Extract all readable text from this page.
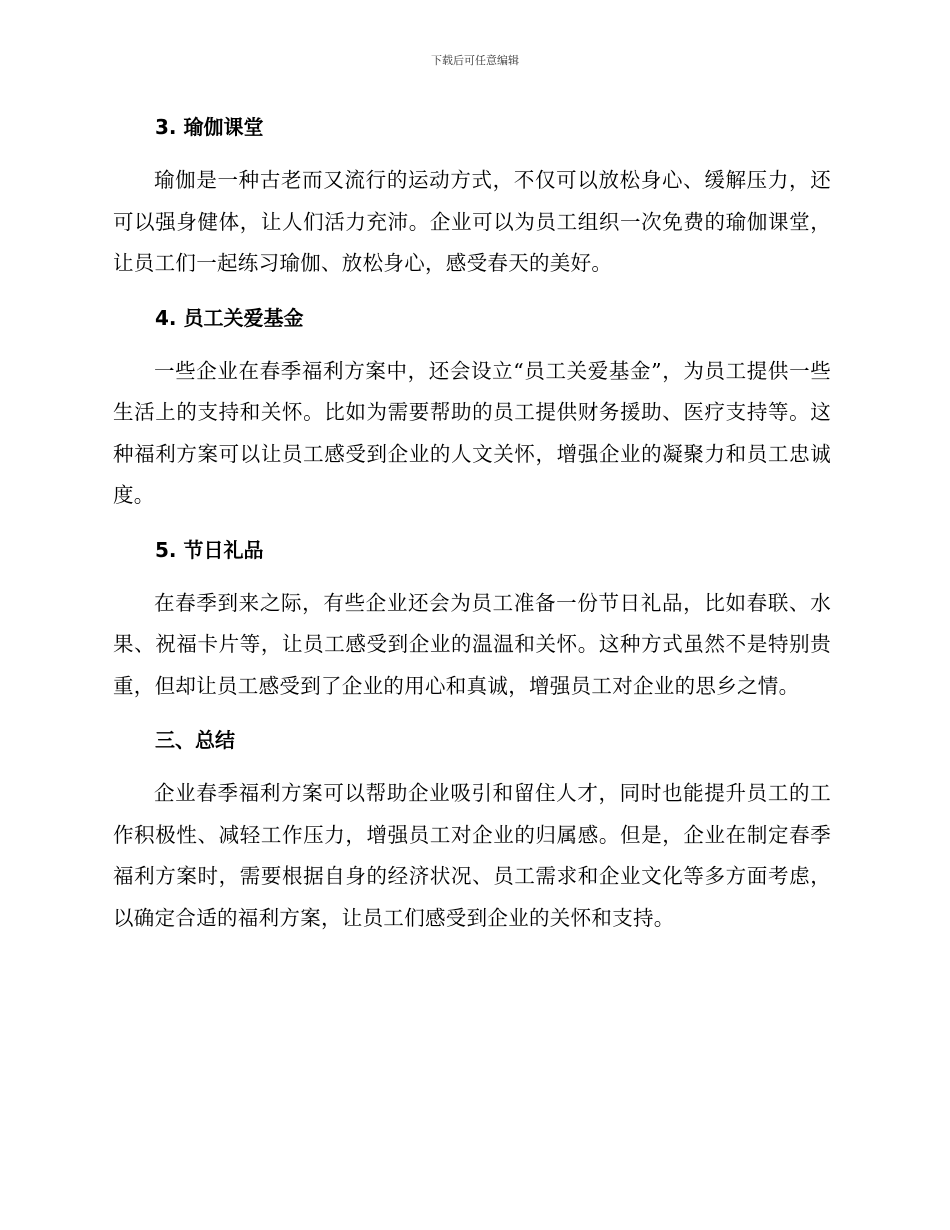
下载后可任意编辑
3. 瑜伽课堂

瑜伽是一种古老而又流行的运动方式，不仅可以放松身心、缓解压力，还可以强身健体，让人们活力充沛。企业可以为员工组织一次免费的瑜伽课堂，让员工们一起练习瑜伽、放松身心，感受春天的美好。

4. 员工关爱基金

一些企业在春季福利方案中，还会设立“员工关爱基金”，为员工提供一些生活上的支持和关怀。比如为需要帮助的员工提供财务援助、医疗支持等。这种福利方案可以让员工感受到企业的人文关怀，增强企业的凝聚力和员工忠诚度。

5. 节日礼品

在春季到来之际，有些企业还会为员工准备一份节日礼品，比如春联、水果、祝福卡片等，让员工感受到企业的温温和关怀。这种方式虽然不是特别贵重，但却让员工感受到了企业的用心和真诚，增强员工对企业的思乡之情。

三、总结

企业春季福利方案可以帮助企业吸引和留住人才，同时也能提升员工的工作积极性、减轻工作压力，增强员工对企业的归属感。但是，企业在制定春季福利方案时，需要根据自身的经济状况、员工需求和企业文化等多方面考虑，以确定合适的福利方案，让员工们感受到企业的关怀和支持。
